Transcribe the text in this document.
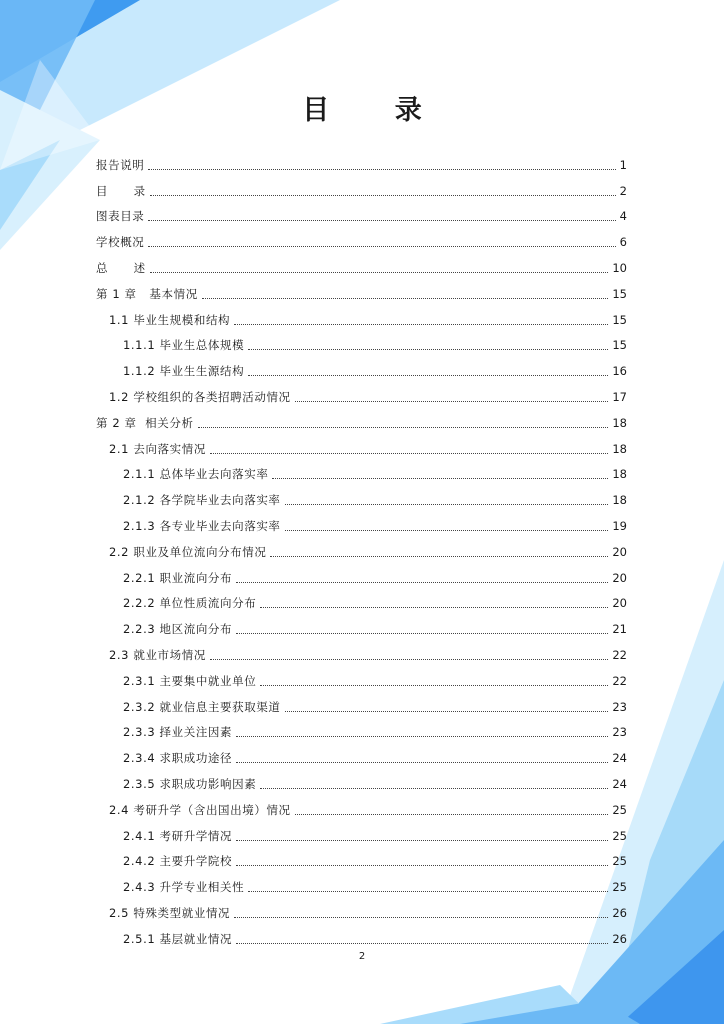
目 录
报告说明	1
目      录	2
图表目录	4
学校概况	6
总      述	10
第 1 章   基本情况	15
1.1 毕业生规模和结构	15
1.1.1 毕业生总体规模	15
1.1.2 毕业生生源结构	16
1.2 学校组织的各类招聘活动情况	17
第 2 章  相关分析	18
2.1 去向落实情况	18
2.1.1 总体毕业去向落实率	18
2.1.2 各学院毕业去向落实率	18
2.1.3 各专业毕业去向落实率	19
2.2 职业及单位流向分布情况	20
2.2.1 职业流向分布	20
2.2.2 单位性质流向分布	20
2.2.3 地区流向分布	21
2.3 就业市场情况	22
2.3.1 主要集中就业单位	22
2.3.2 就业信息主要获取渠道	23
2.3.3 择业关注因素	23
2.3.4 求职成功途径	24
2.3.5 求职成功影响因素	24
2.4 考研升学（含出国出境）情况	25
2.4.1 考研升学情况	25
2.4.2 主要升学院校	25
2.4.3 升学专业相关性	25
2.5 特殊类型就业情况	26
2.5.1 基层就业情况	26
2
